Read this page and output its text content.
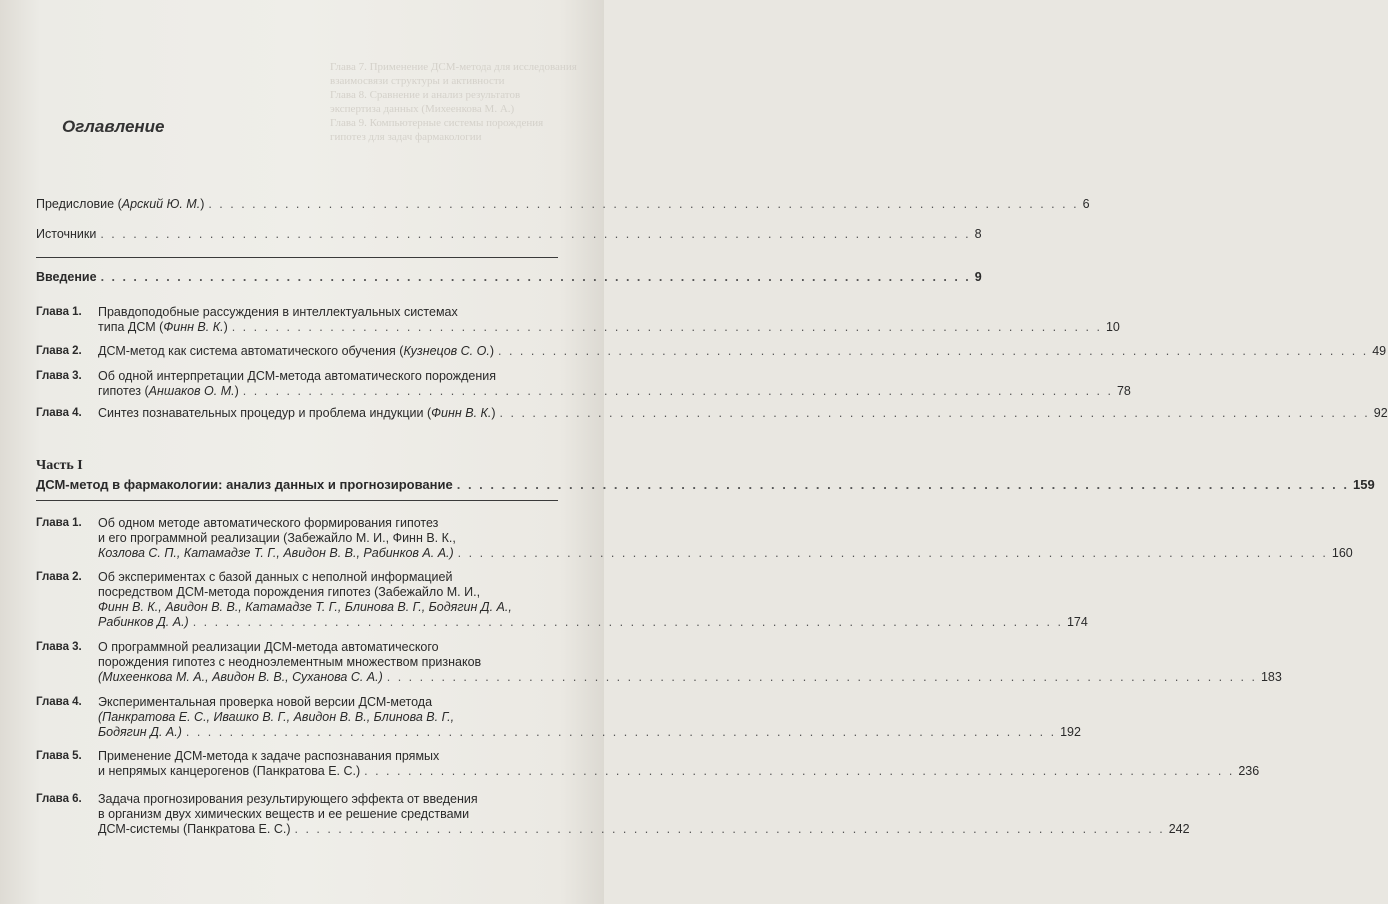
Глава 7. Применение ДСМ-метода для исследования
взаимосвязи структуры и активности
Глава 8. Сравнение и анализ результатов
экспертиза данных (Михеенкова М. А.)
Глава 9. Компьютерные системы порождения
гипотез для задач фармакологии
Оглавление
Предисловие (Арский Ю. М.) . . .	6
Источники . . .	8
Введение . . .	9
Глава 1.	Правдоподобные рассуждения в интеллектуальных системах
типа ДСМ (Финн В. К.) . . .	10
Глава 2.	ДСМ-метод как система автоматического обучения (Кузнецов С. О.) . . .	49
Глава 3.	Об одной интерпретации ДСМ-метода автоматического порождения
гипотез (Аншаков О. М.) . . .	78
Глава 4.	Синтез познавательных процедур и проблема индукции (Финн В. К.) . . .	92
Часть I
ДСМ-метод в фармакологии: анализ данных и прогнозирование . . .	159
Глава 1.	Об одном методе автоматического формирования гипотез
и его программной реализации (Забежайло М. И., Финн В. К.,
Козлова С. П., Катамадзе Т. Г., Авидон В. В., Рабинков А. А.) . . .	160
Глава 2.	Об экспериментах с базой данных с неполной информацией
посредством ДСМ-метода порождения гипотез (Забежайло М. И.,
Финн В. К., Авидон В. В., Катамадзе Т. Г., Блинова В. Г., Бодягин Д. А.,
Рабинков Д. А.) . . .	174
Глава 3.	О программной реализации ДСМ-метода автоматического
порождения гипотез с неодноэлементным множеством признаков
(Михеенкова М. А., Авидон В. В., Суханова С. А.) . . .	183
Глава 4.	Экспериментальная проверка новой версии ДСМ-метода
(Панкратова Е. С., Ивашко В. Г., Авидон В. В., Блинова В. Г.,
Бодягин Д. А.) . . .	192
Глава 5.	Применение ДСМ-метода к задаче распознавания прямых
и непрямых канцерогенов (Панкратова Е. С.) . . .	236
Глава 6.	Задача прогнозирования результирующего эффекта от введения
в организм двух химических веществ и ее решение средствами
ДСМ-системы (Панкратова Е. С.) . . .	242
